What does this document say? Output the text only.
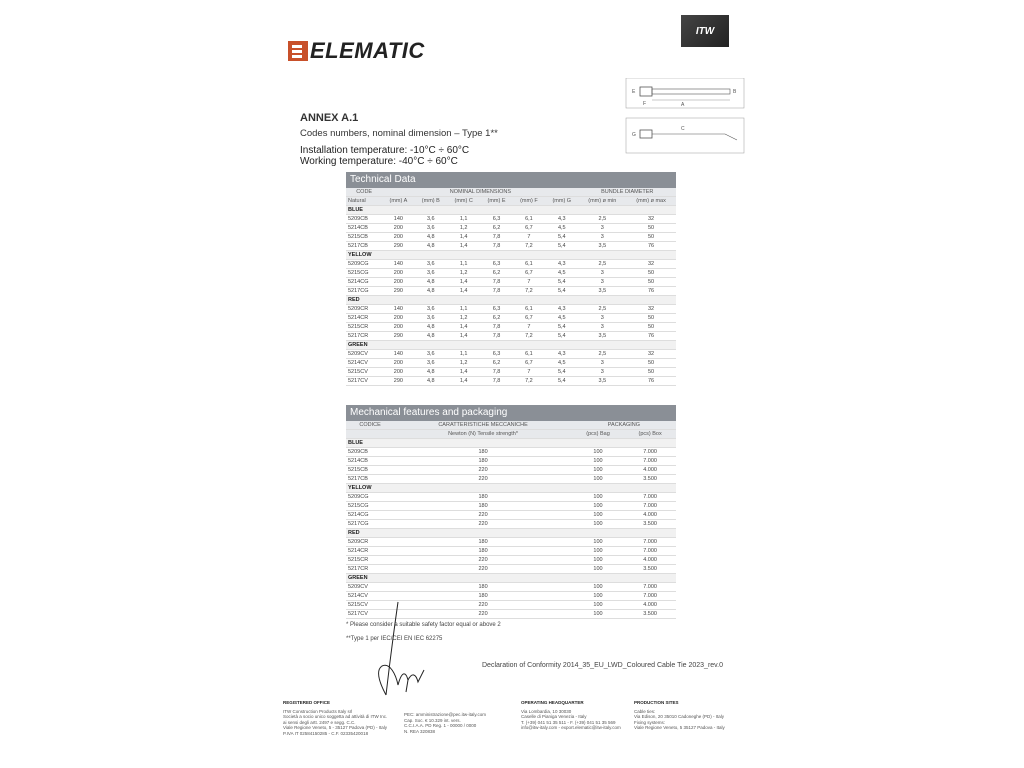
ELEMATIC
ITW
ANNEX A.1
Codes numbers, nominal dimension – Type 1**
Installation temperature: -10°C ÷ 60°C
Working temperature: -40°C ÷ 60°C
A
E	B
F
G
C
Technical Data
CODE	NOMINAL DIMENSIONS						BUNDLE DIAMETER	
Natural	(mm) A	(mm) B	(mm) C	(mm) E	(mm) F	(mm) G	(mm) ø min	(mm) ø max
BLUE								
5209CB	140	3,6	1,1	6,3	6,1	4,3	2,5	32
5214CB	200	3,6	1,2	6,2	6,7	4,5	3	50
5215CB	200	4,8	1,4	7,8	7	5,4	3	50
5217CB	290	4,8	1,4	7,8	7,2	5,4	3,5	76
YELLOW								
5209CG	140	3,6	1,1	6,3	6,1	4,3	2,5	32
5215CG	200	3,6	1,2	6,2	6,7	4,5	3	50
5214CG	200	4,8	1,4	7,8	7	5,4	3	50
5217CG	290	4,8	1,4	7,8	7,2	5,4	3,5	76
RED								
5209CR	140	3,6	1,1	6,3	6,1	4,3	2,5	32
5214CR	200	3,6	1,2	6,2	6,7	4,5	3	50
5215CR	200	4,8	1,4	7,8	7	5,4	3	50
5217CR	290	4,8	1,4	7,8	7,2	5,4	3,5	76
GREEN								
5209CV	140	3,6	1,1	6,3	6,1	4,3	2,5	32
5214CV	200	3,6	1,2	6,2	6,7	4,5	3	50
5215CV	200	4,8	1,4	7,8	7	5,4	3	50
5217CV	290	4,8	1,4	7,8	7,2	5,4	3,5	76
Mechanical features and packaging
CODICE	CARATTERISTICHE MECCANICHE	PACKAGING	
	Newton (N) Tensile strength*	(pcs) Bag	(pcs) Box
BLUE			
5209CB	180	100	7.000
5214CB	180	100	7.000
5215CB	220	100	4.000
5217CB	220	100	3.500
YELLOW			
5209CG	180	100	7.000
5215CG	180	100	7.000
5214CG	220	100	4.000
5217CG	220	100	3.500
RED			
5209CR	180	100	7.000
5214CR	180	100	7.000
5215CR	220	100	4.000
5217CR	220	100	3.500
GREEN			
5209CV	180	100	7.000
5214CV	180	100	7.000
5215CV	220	100	4.000
5217CV	220	100	3.500
* Please consider a suitable safety factor equal or above 2
**Type 1 per IEC/CEI EN IEC 62275
Declaration of Conformity 2014_35_EU_LWD_Coloured Cable Tie 2023_rev.0
REGISTERED OFFICE
ITW Construction Products Italy srl
Società a socio unico soggetta ad attività di ITW Inc.
ai sensi degli artt. 2497 e segg. C.C.
Viale Regione Veneto, 5 - 35127 Padova (PD) - Italy
P.IVA IT 02584150285 - C.F. 02335420018
PEC: amministrazione@pec.itw-italy.com
Cap. Soc. € 10.329 int. vers.
C.C.I.A.A. PD Reg. 1 - 00000 / 0000
N. REA 320838
OPERATING HEADQUARTER
Via Lombardia, 10 30030
Caselle di Pianiga Venezia - Italy
T. (+39) 041 51 35 511 - F. (+39) 041 51 35 569
info@itw-italy.com - export.elematic@itw-italy.com
PRODUCTION SITES
Cable ties:
Via Edison, 20 35010 Cadoneghe (PD) - Italy
Fixing systems:
Viale Regione Veneto, 5 35127 Padova - Italy
